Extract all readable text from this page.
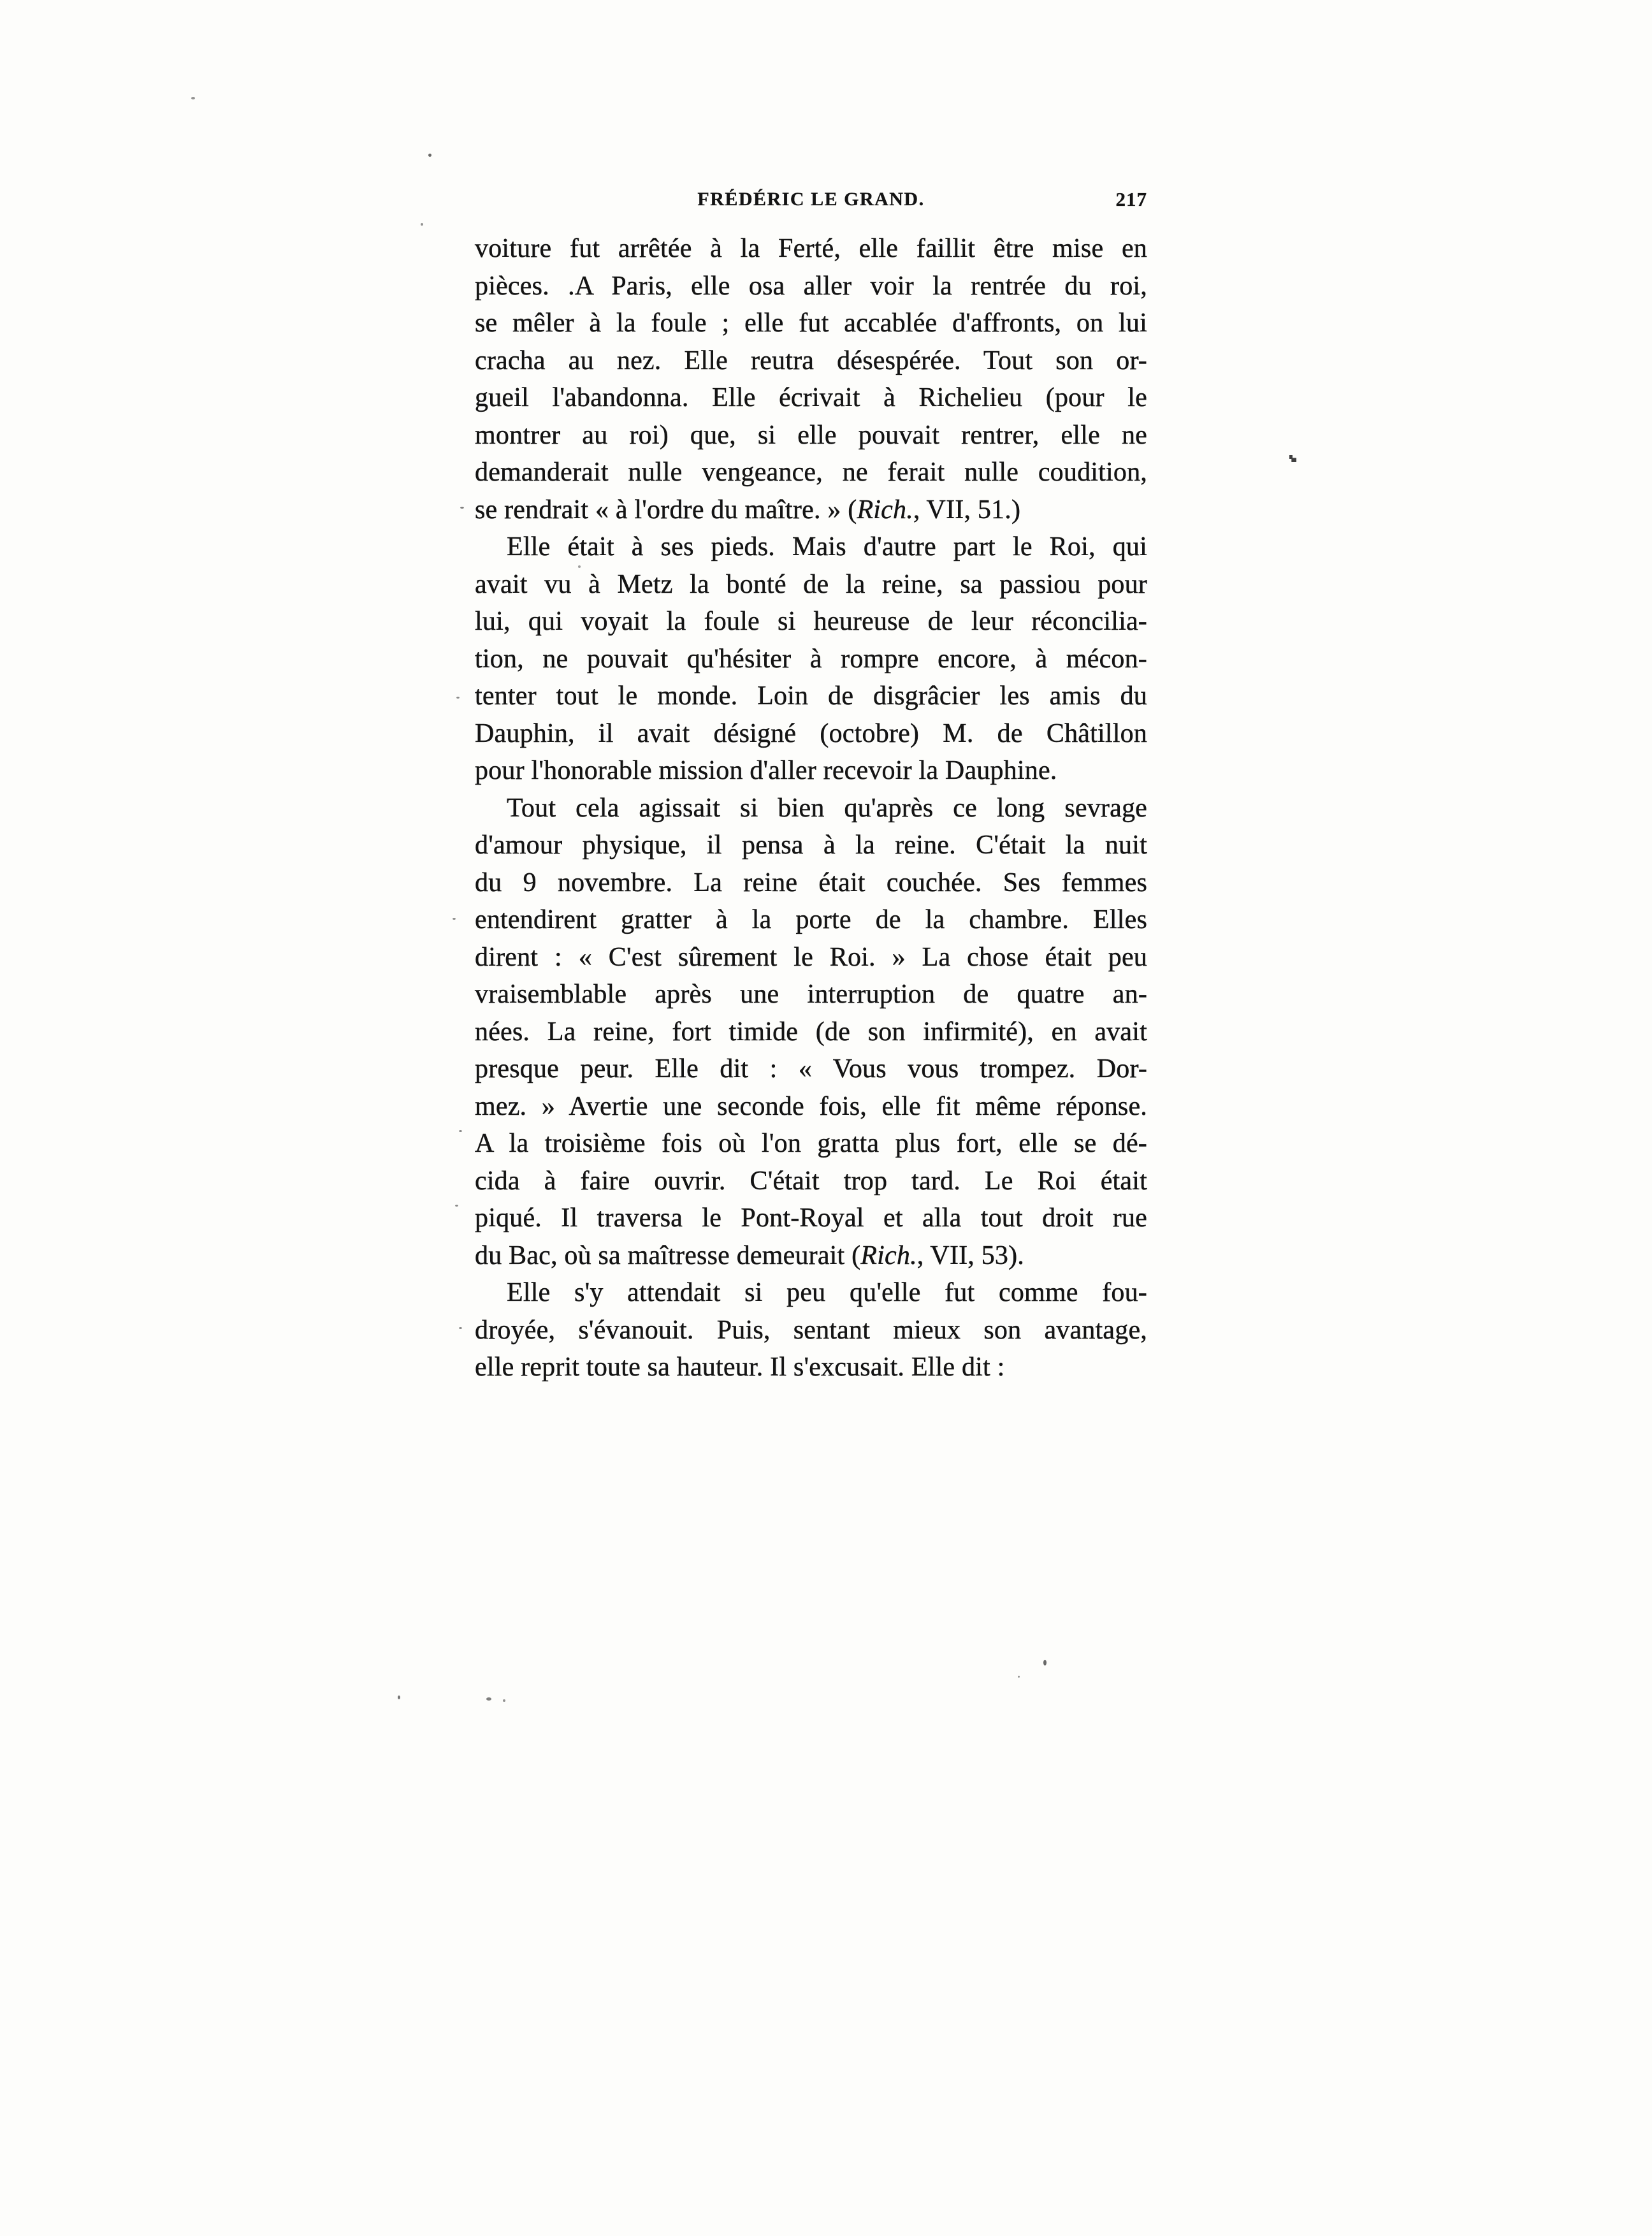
FRÉDÉRIC LE GRAND.	217
voiture fut arrêtée à la Ferté, elle faillit être mise en
pièces. .A Paris, elle osa aller voir la rentrée du roi,
se mêler à la foule ; elle fut accablée d'affronts, on lui
cracha au nez. Elle reutra désespérée. Tout son or-
gueil l'abandonna. Elle écrivait à Richelieu (pour le
montrer au roi) que, si elle pouvait rentrer, elle ne
demanderait nulle vengeance, ne ferait nulle coudition,
se rendrait « à l'ordre du maître. » (Rich., VII, 51.)
Elle était à ses pieds. Mais d'autre part le Roi, qui
avait vu à Metz la bonté de la reine, sa passiou pour
lui, qui voyait la foule si heureuse de leur réconcilia-
tion, ne pouvait qu'hésiter à rompre encore, à mécon-
tenter tout le monde. Loin de disgrâcier les amis du
Dauphin, il avait désigné (octobre) M. de Châtillon
pour l'honorable mission d'aller recevoir la Dauphine.
Tout cela agissait si bien qu'après ce long sevrage
d'amour physique, il pensa à la reine. C'était la nuit
du 9 novembre. La reine était couchée. Ses femmes
entendirent gratter à la porte de la chambre. Elles
dirent : « C'est sûrement le Roi. » La chose était peu
vraisemblable après une interruption de quatre an-
nées. La reine, fort timide (de son infirmité), en avait
presque peur. Elle dit : « Vous vous trompez. Dor-
mez. » Avertie une seconde fois, elle fit même réponse.
A la troisième fois où l'on gratta plus fort, elle se dé-
cida à faire ouvrir. C'était trop tard. Le Roi était
piqué. Il traversa le Pont-Royal et alla tout droit rue
du Bac, où sa maîtresse demeurait (Rich., VII, 53).
Elle s'y attendait si peu qu'elle fut comme fou-
droyée, s'évanouit. Puis, sentant mieux son avantage,
elle reprit toute sa hauteur. Il s'excusait. Elle dit :
